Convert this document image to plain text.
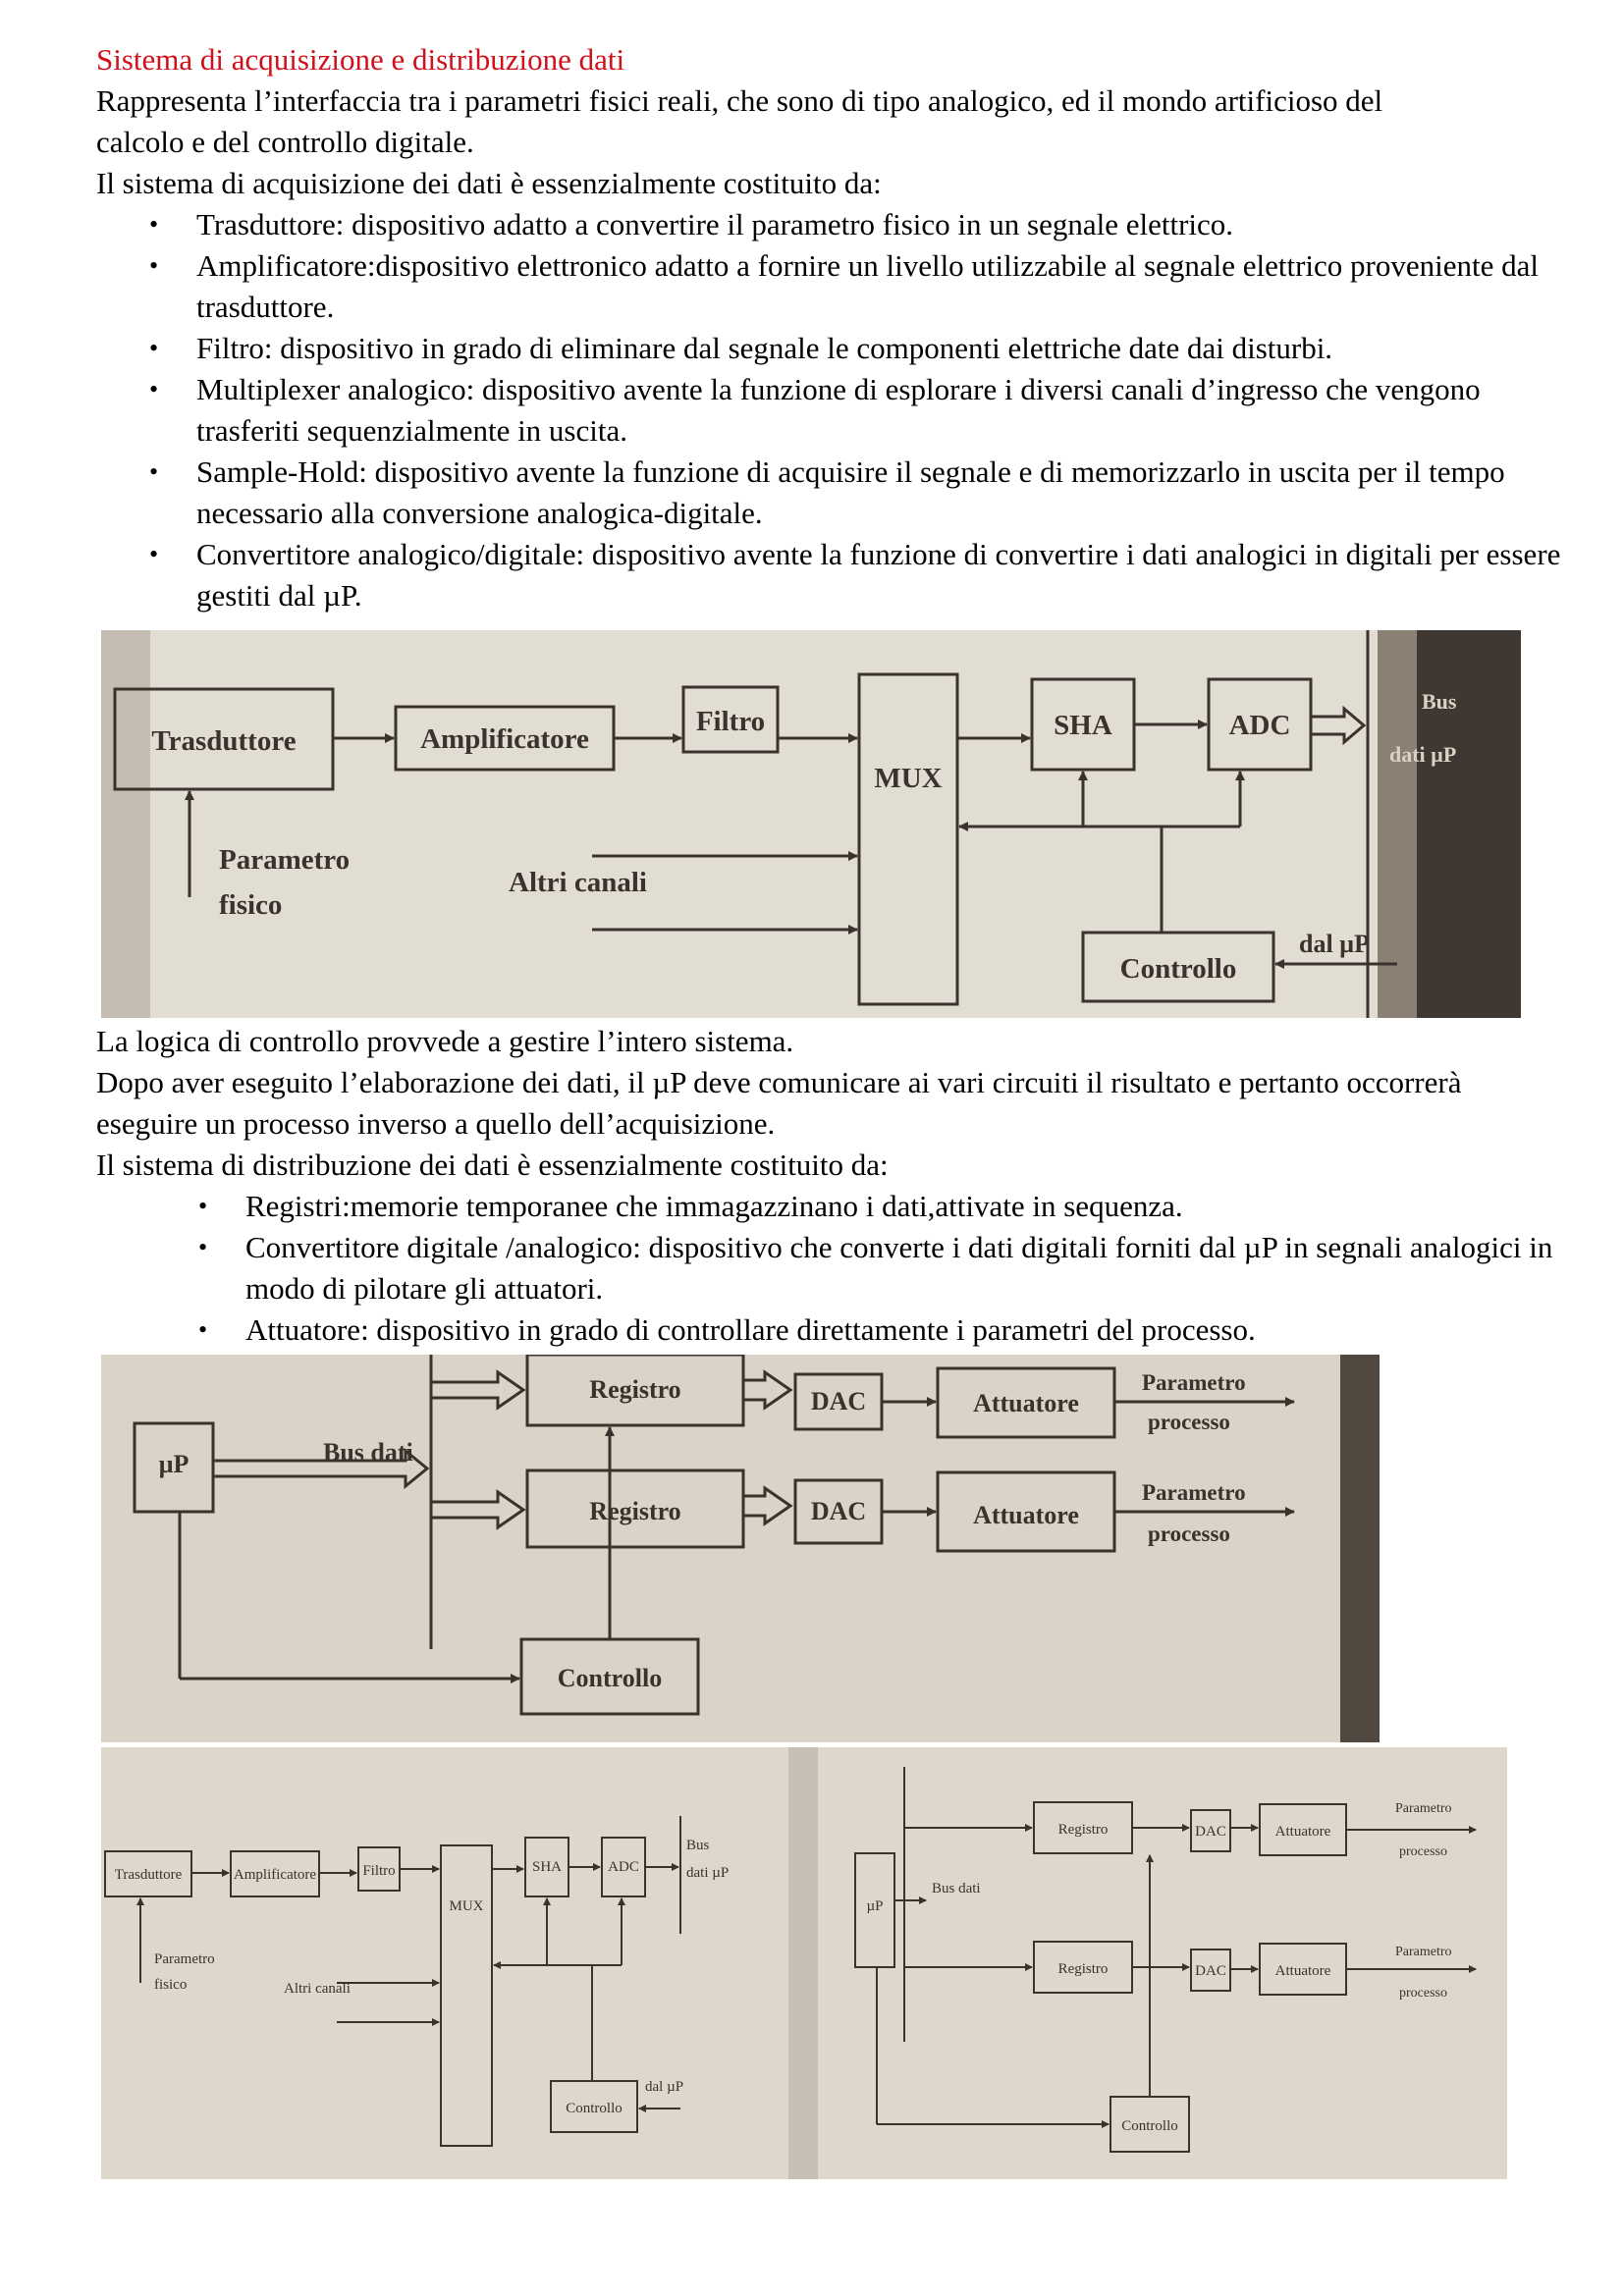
Sistema di acquisizione e distribuzione dati
Rappresenta l’interfaccia tra i parametri fisici reali, che sono di tipo analogico, ed il mondo artificioso del calcolo e del controllo digitale.
Il sistema di acquisizione dei dati è essenzialmente costituito da:
• Trasduttore: dispositivo adatto a convertire il parametro fisico in un segnale elettrico.
• Amplificatore:dispositivo elettronico adatto a fornire un livello utilizzabile al segnale elettrico proveniente dal trasduttore.
• Filtro: dispositivo in grado di eliminare dal segnale le componenti elettriche date dai disturbi.
• Multiplexer analogico: dispositivo avente la funzione di esplorare i diversi canali d’ingresso che vengono trasferiti sequenzialmente in uscita.
• Sample-Hold: dispositivo avente la funzione di acquisire il segnale e di memorizzarlo in uscita per il tempo necessario alla conversione analogica-digitale.
• Convertitore analogico/digitale: dispositivo avente la funzione di convertire i dati analogici in digitali per essere gestiti dal µP.
Trasduttore	Amplificatore
Filtro
MUX
SHA	ADC
Controllo
Parametro
fisico
Altri canali
dal µP
Bus
dati µP
La logica di controllo provvede a gestire l’intero sistema.
Dopo aver eseguito l’elaborazione dei dati, il µP deve comunicare ai vari circuiti il risultato e pertanto occorrerà eseguire un processo inverso a quello dell’acquisizione.
Il sistema di distribuzione dei dati è essenzialmente costituito da:
• Registri:memorie temporanee che immagazzinano i dati,attivate in sequenza.
• Convertitore digitale /analogico: dispositivo che converte i dati digitali forniti dal µP in segnali analogici in modo di pilotare gli attuatori.
• Attuatore: dispositivo in grado di controllare direttamente i parametri del processo.
µP	Bus dati
Registro	DAC	Attuatore
Registro	DAC	Attuatore
Controllo
Parametro
processo
Parametro
processo
Trasduttore	Amplificatore	Filtro
MUX
SHA	ADC
Controllo
Parametro
fisico	Altri canali
dal µP
Bus
dati µP
µP
Bus dati
Registro	DAC	Attuatore
Registro	DAC	Attuatore
Controllo
Parametro
processo
Parametro
processo
